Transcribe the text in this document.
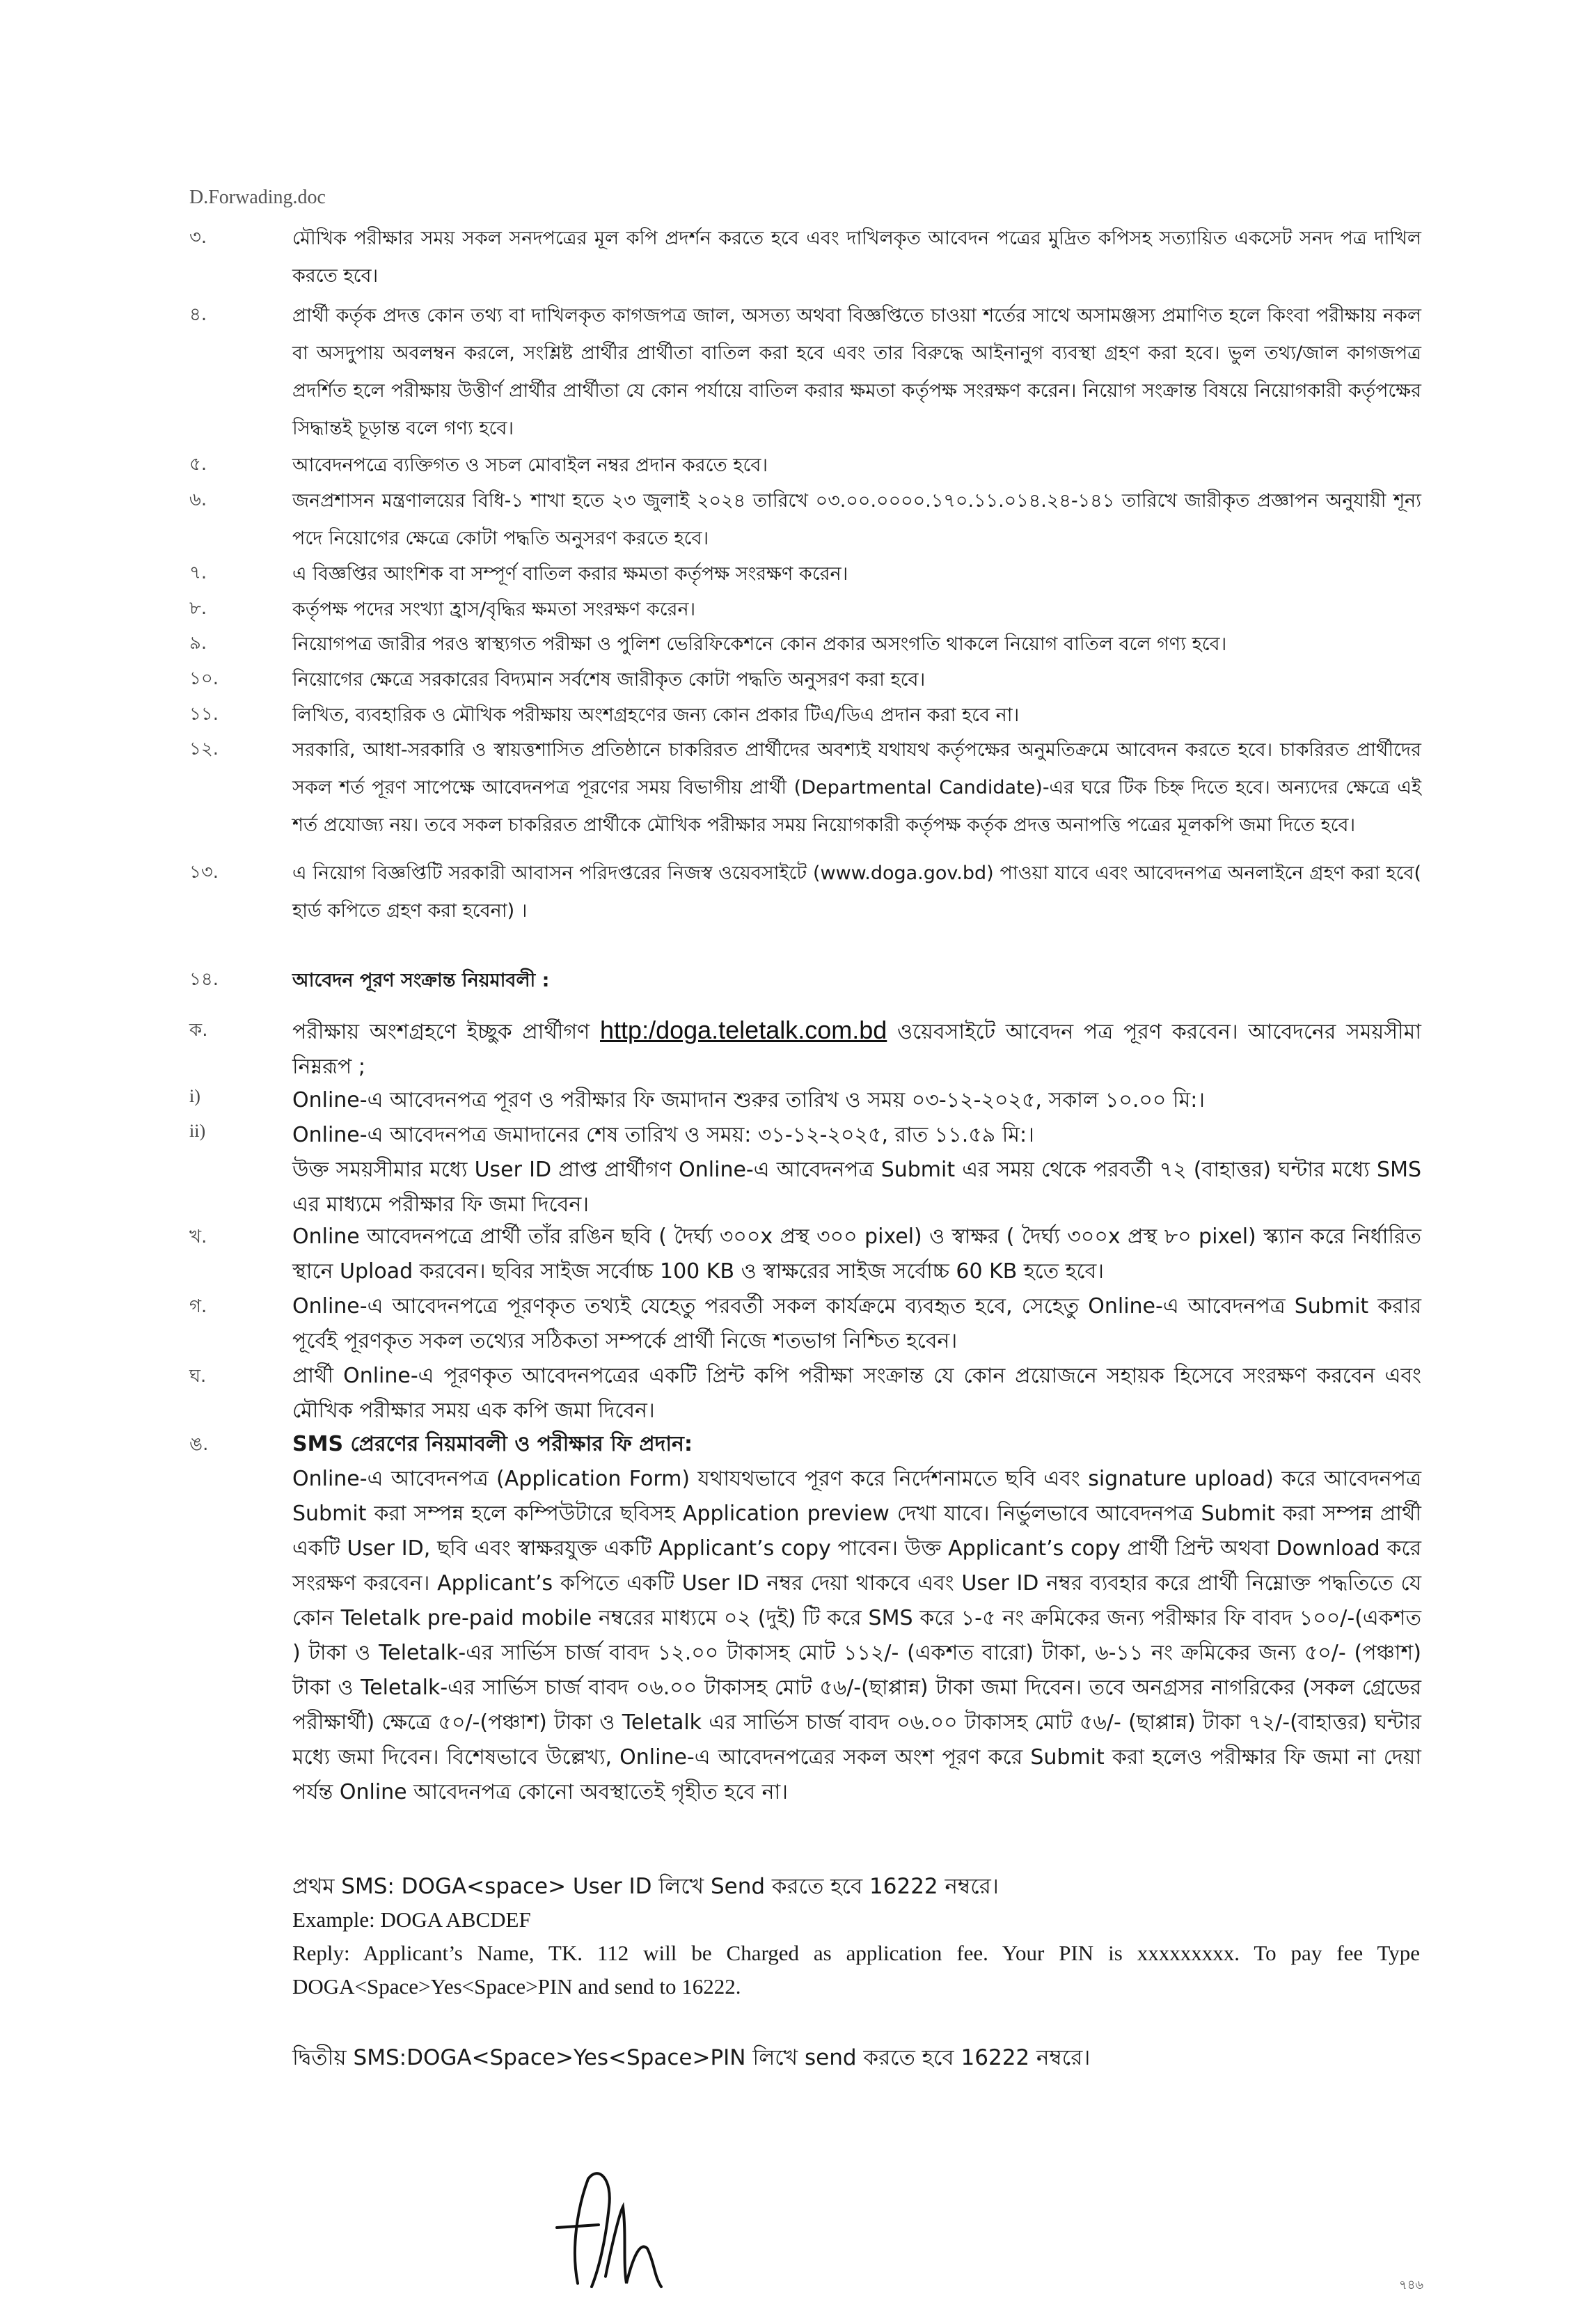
D.Forwading.doc
৩.	মৌখিক পরীক্ষার সময় সকল সনদপত্রের মূল কপি প্রদর্শন করতে হবে এবং দাখিলকৃত আবেদন পত্রের মুদ্রিত কপিসহ সত্যায়িত একসেট সনদ পত্র দাখিল করতে হবে।
৪.	প্রার্থী কর্তৃক প্রদত্ত কোন তথ্য বা দাখিলকৃত কাগজপত্র জাল, অসত্য অথবা বিজ্ঞপ্তিতে চাওয়া শর্তের সাথে অসামঞ্জস্য প্রমাণিত হলে কিংবা পরীক্ষায় নকল বা অসদুপায় অবলম্বন করলে, সংশ্লিষ্ট প্রার্থীর প্রার্থীতা বাতিল করা হবে এবং তার বিরুদ্ধে আইনানুগ ব্যবস্থা গ্রহণ করা হবে। ভুল তথ্য/জাল কাগজপত্র প্রদর্শিত হলে পরীক্ষায় উত্তীর্ণ প্রার্থীর প্রার্থীতা যে কোন পর্যায়ে বাতিল করার ক্ষমতা কর্তৃপক্ষ সংরক্ষণ করেন। নিয়োগ সংক্রান্ত বিষয়ে নিয়োগকারী কর্তৃপক্ষের সিদ্ধান্তই চূড়ান্ত বলে গণ্য হবে।
৫.	আবেদনপত্রে ব্যক্তিগত ও সচল মোবাইল নম্বর প্রদান করতে হবে।
৬.	জনপ্রশাসন মন্ত্রণালয়ের বিধি-১ শাখা হতে ২৩ জুলাই ২০২৪ তারিখে ০৩.০০.০০০০.১৭০.১১.০১৪.২৪-১৪১ তারিখে জারীকৃত প্রজ্ঞাপন অনুযায়ী শূন্য পদে নিয়োগের ক্ষেত্রে কোটা পদ্ধতি অনুসরণ করতে হবে।
৭.	এ বিজ্ঞপ্তির আংশিক বা সম্পূর্ণ বাতিল করার ক্ষমতা কর্তৃপক্ষ সংরক্ষণ করেন।
৮.	কর্তৃপক্ষ পদের সংখ্যা হ্রাস/বৃদ্ধির ক্ষমতা সংরক্ষণ করেন।
৯.	নিয়োগপত্র জারীর পরও স্বাস্থ্যগত পরীক্ষা ও পুলিশ ভেরিফিকেশনে কোন প্রকার অসংগতি থাকলে নিয়োগ বাতিল বলে গণ্য হবে।
১০.	নিয়োগের ক্ষেত্রে সরকারের বিদ্যমান সর্বশেষ জারীকৃত কোটা পদ্ধতি অনুসরণ করা হবে।
১১.	লিখিত, ব্যবহারিক ও মৌখিক পরীক্ষায় অংশগ্রহণের জন্য কোন প্রকার টিএ/ডিএ প্রদান করা হবে না।
১২.	সরকারি, আধা-সরকারি ও স্বায়ত্তশাসিত প্রতিষ্ঠানে চাকরিরত প্রার্থীদের অবশ্যই যথাযথ কর্তৃপক্ষের অনুমতিক্রমে আবেদন করতে হবে। চাকরিরত প্রার্থীদের সকল শর্ত পূরণ সাপেক্ষে আবেদনপত্র পূরণের সময় বিভাগীয় প্রার্থী (Departmental Candidate)-এর ঘরে টিক চিহ্ন দিতে হবে। অন্যদের ক্ষেত্রে এই শর্ত প্রযোজ্য নয়। তবে সকল চাকরিরত প্রার্থীকে মৌখিক পরীক্ষার সময় নিয়োগকারী কর্তৃপক্ষ কর্তৃক প্রদত্ত অনাপত্তি পত্রের মূলকপি জমা দিতে হবে।
১৩.	এ নিয়োগ বিজ্ঞপ্তিটি সরকারী আবাসন পরিদপ্তরের নিজস্ব ওয়েবসাইটে (www.doga.gov.bd) পাওয়া যাবে এবং আবেদনপত্র অনলাইনে গ্রহণ করা হবে( হার্ড কপিতে গ্রহণ করা হবেনা) ।
১৪.	আবেদন পূরণ সংক্রান্ত নিয়মাবলী :
ক.	পরীক্ষায় অংশগ্রহণে ইচ্ছুক প্রার্থীগণ http:/doga.teletalk.com.bd ওয়েবসাইটে আবেদন পত্র পূরণ করবেন। আবেদনের সময়সীমা নিম্নরূপ ;
i)	Online-এ আবেদনপত্র পূরণ ও পরীক্ষার ফি জমাদান শুরুর তারিখ ও সময় ০৩-১২-২০২৫, সকাল ১০.০০ মি:।
ii)	Online-এ আবেদনপত্র জমাদানের শেষ তারিখ ও সময়: ৩১-১২-২০২৫, রাত ১১.৫৯ মি:।
উক্ত সময়সীমার মধ্যে User ID প্রাপ্ত প্রার্থীগণ Online-এ আবেদনপত্র Submit এর সময় থেকে পরবর্তী ৭২ (বাহাত্তর) ঘন্টার মধ্যে SMS এর মাধ্যমে পরীক্ষার ফি জমা দিবেন।
খ.	Online আবেদনপত্রে প্রার্থী তাঁর রঙিন ছবি ( দৈর্ঘ্য ৩০০x প্রস্থ ৩০০ pixel) ও স্বাক্ষর ( দৈর্ঘ্য ৩০০x প্রস্থ ৮০ pixel) স্ক্যান করে নির্ধারিত স্থানে Upload করবেন। ছবির সাইজ সর্বোচ্চ 100 KB ও স্বাক্ষরের সাইজ সর্বোচ্চ 60 KB হতে হবে।
গ.	Online-এ আবেদনপত্রে পূরণকৃত তথ্যই যেহেতু পরবর্তী সকল কার্যক্রমে ব্যবহৃত হবে, সেহেতু Online-এ আবেদনপত্র Submit করার পূর্বেই পূরণকৃত সকল তথ্যের সঠিকতা সম্পর্কে প্রার্থী নিজে শতভাগ নিশ্চিত হবেন।
ঘ.	প্রার্থী Online-এ পূরণকৃত আবেদনপত্রের একটি প্রিন্ট কপি পরীক্ষা সংক্রান্ত যে কোন প্রয়োজনে সহায়ক হিসেবে সংরক্ষণ করবেন এবং মৌখিক পরীক্ষার সময় এক কপি জমা দিবেন।
ঙ.	SMS প্রেরণের নিয়মাবলী ও পরীক্ষার ফি প্রদান:
Online-এ আবেদনপত্র (Application Form) যথাযথভাবে পূরণ করে নির্দেশনামতে ছবি এবং signature upload) করে আবেদনপত্র Submit করা সম্পন্ন হলে কম্পিউটারে ছবিসহ Application preview দেখা যাবে। নির্ভুলভাবে আবেদনপত্র Submit করা সম্পন্ন প্রার্থী একটি User ID, ছবি এবং স্বাক্ষরযুক্ত একটি Applicant’s copy পাবেন। উক্ত Applicant’s copy প্রার্থী প্রিন্ট অথবা Download করে সংরক্ষণ করবেন। Applicant’s কপিতে একটি User ID নম্বর দেয়া থাকবে এবং User ID নম্বর ব্যবহার করে প্রার্থী নিম্নোক্ত পদ্ধতিতে যে কোন Teletalk pre-paid mobile নম্বরের মাধ্যমে ০২ (দুই) টি করে SMS করে ১-৫ নং ক্রমিকের জন্য পরীক্ষার ফি বাবদ ১০০/-(একশত ) টাকা ও Teletalk-এর সার্ভিস চার্জ বাবদ ১২.০০ টাকাসহ মোট ১১২/- (একশত বারো) টাকা, ৬-১১ নং ক্রমিকের জন্য ৫০/- (পঞ্চাশ) টাকা ও Teletalk-এর সার্ভিস চার্জ বাবদ ০৬.০০ টাকাসহ মোট ৫৬/-(ছাপ্পান্ন) টাকা জমা দিবেন। তবে অনগ্রসর নাগরিকের (সকল গ্রেডের পরীক্ষার্থী) ক্ষেত্রে ৫০/-(পঞ্চাশ) টাকা ও Teletalk এর সার্ভিস চার্জ বাবদ ০৬.০০ টাকাসহ মোট ৫৬/- (ছাপ্পান্ন) টাকা ৭২/-(বাহাত্তর) ঘন্টার মধ্যে জমা দিবেন। বিশেষভাবে উল্লেখ্য, Online-এ আবেদনপত্রের সকল অংশ পূরণ করে Submit করা হলেও পরীক্ষার ফি জমা না দেয়া পর্যন্ত Online আবেদনপত্র কোনো অবস্থাতেই গৃহীত হবে না।
প্রথম SMS: DOGA<space> User ID লিখে Send করতে হবে 16222 নম্বরে।
Example: DOGA ABCDEF
Reply: Applicant’s Name, TK. 112 will be Charged as application fee. Your PIN is xxxxxxxxx. To pay fee Type DOGA<Space>Yes<Space>PIN and send to 16222.
দ্বিতীয় SMS:DOGA<Space>Yes<Space>PIN লিখে send করতে হবে 16222 নম্বরে।
৭৪৬
